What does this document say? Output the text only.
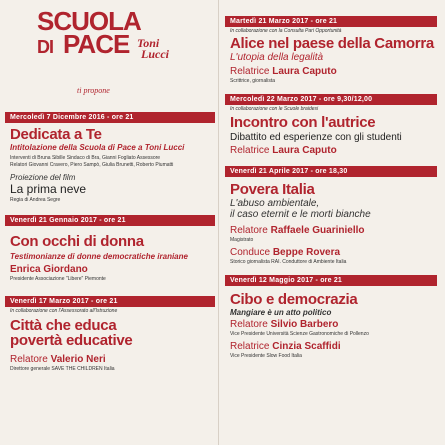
SCUOLA
DI PACE Toni
Lucci
ti propone
Mercoledì 7 Dicembre 2016 - ore 21
Dedicata a Te
Intitolazione della Scuola di Pace a Toni Lucci
Interventi di Bruna Sibille Sindaco di Bra, Gianni Fogliato Assessore
Relatori Giovanni Cravero, Piero Sampò, Giulia Brunetti, Roberto Piumatti
Proiezione del film
La prima neve
Regia di Andrea Segre
Venerdì 21 Gennaio 2017 - ore 21
Con occhi di donna
Testimonianze di donne democratiche iraniane
Enrica Giordano
Presidente Associazione "Libere" Piemonte
Venerdì 17 Marzo 2017 - ore 21
In collaborazione con l'Assessorato all'Istruzione
Città che educa
povertà educative
Relatore Valerio Neri
Direttore generale SAVE THE CHILDREN Italia
Martedì 21 Marzo 2017 - ore 21
In collaborazione con la Consulta Pari Opportunità
Alice nel paese della Camorra
L'utopia della legalità
Relatrice Laura Caputo
Scrittrice, giornalista
Mercoledì 22 Marzo 2017 - ore 9,30/12,00
In collaborazione con le Scuole braidesi
Incontro con l'autrice
Dibattito ed esperienze con gli studenti
Relatrice Laura Caputo
Venerdì 21 Aprile 2017 - ore 18,30
Povera Italia
L'abuso ambientale,
il caso eternit e le morti bianche
Relatore Raffaele Guariniello
Magistrato
Conduce Beppe Rovera
Storico giornalista RAI. Conduttore di Ambiente Italia
Venerdì 12 Maggio 2017 - ore 21
Cibo e democrazia
Mangiare è un atto politico
Relatore Silvio Barbero
Vice Presidente Università Scienze Gastronomiche di Pollenzo
Relatrice Cinzia Scaffidi
Vice Presidente Slow Food Italia
